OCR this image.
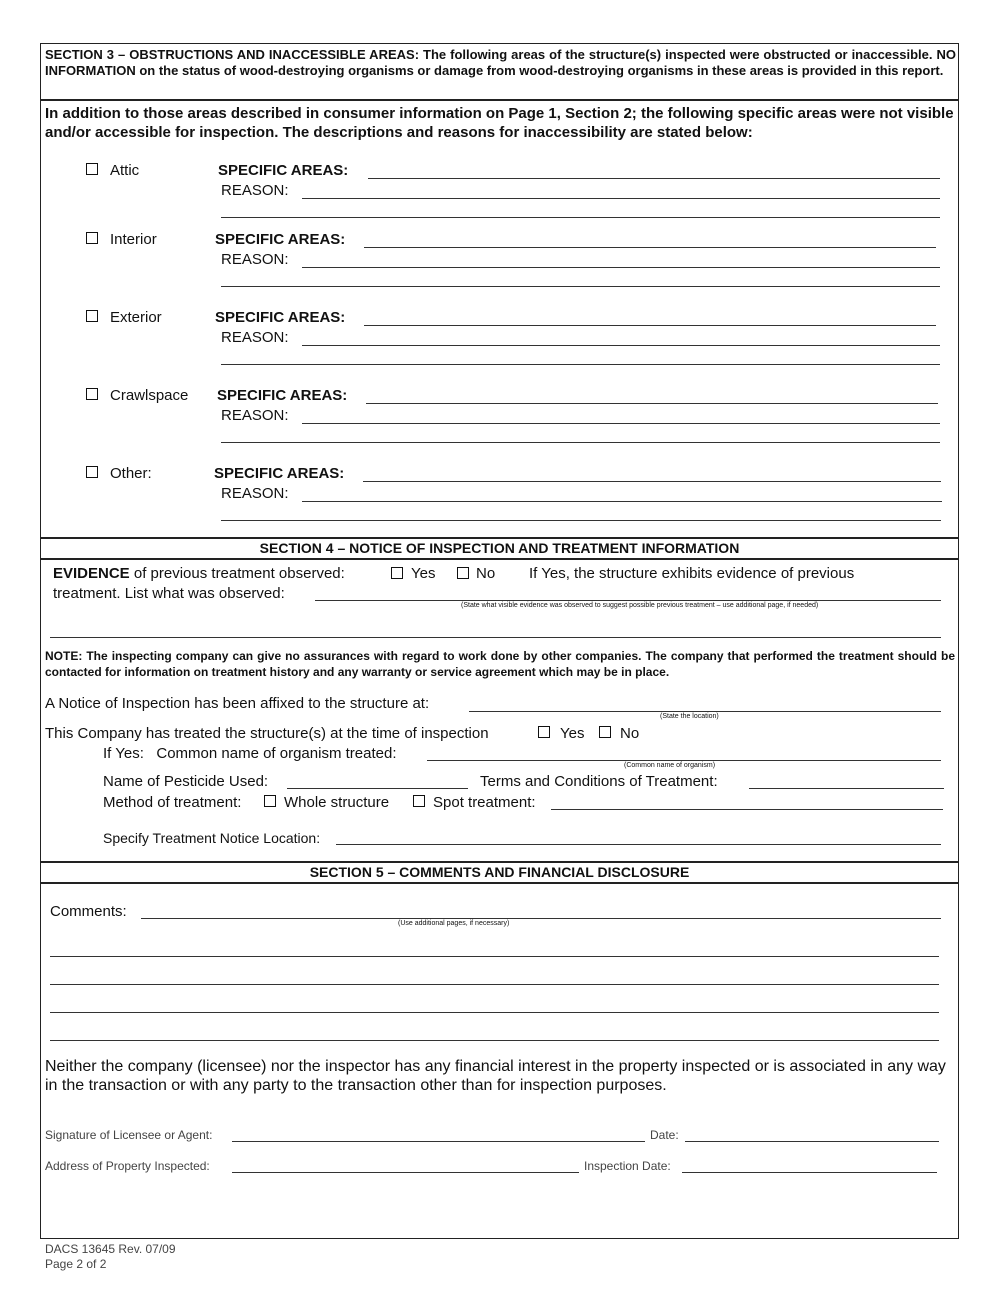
SECTION 3 – OBSTRUCTIONS AND INACCESSIBLE AREAS: The following areas of the structure(s) inspected were obstructed or inaccessible. NO INFORMATION on the status of wood-destroying organisms or damage from wood-destroying organisms in these areas is provided in this report.
In addition to those areas described in consumer information on Page 1, Section 2; the following specific areas were not visible and/or accessible for inspection. The descriptions and reasons for inaccessibility are stated below:
Attic	SPECIFIC AREAS:
REASON:
Interior	SPECIFIC AREAS:
REASON:
Exterior	SPECIFIC AREAS:
REASON:
Crawlspace SPECIFIC AREAS:
REASON:
Other:	SPECIFIC AREAS:
REASON:
SECTION 4 – NOTICE OF INSPECTION AND TREATMENT INFORMATION
EVIDENCE of previous treatment observed:	Yes	No If Yes, the structure exhibits evidence of previous
treatment. List what was observed:
(State what visible evidence was observed to suggest possible previous treatment – use additional page, if needed)
NOTE: The inspecting company can give no assurances with regard to work done by other companies. The company that performed the treatment should be contacted for information on treatment history and any warranty or service agreement which may be in place.
A Notice of Inspection has been affixed to the structure at:
(State the location)
This Company has treated the structure(s) at the time of inspection	Yes No
If Yes:   Common name of organism treated:
(Common name of organism)
Name of Pesticide Used:	Terms and Conditions of Treatment:
Method of treatment:	Whole structure	Spot treatment:
Specify Treatment Notice Location:
SECTION 5 – COMMENTS AND FINANCIAL DISCLOSURE
Comments:
(Use additional pages, if necessary)
Neither the company (licensee) nor the inspector has any financial interest in the property inspected or is associated in any way in the transaction or with any party to the transaction other than for inspection purposes.
Signature of Licensee or Agent:	Date:
Address of Property Inspected:	Inspection Date:
DACS 13645 Rev. 07/09
Page 2 of 2
